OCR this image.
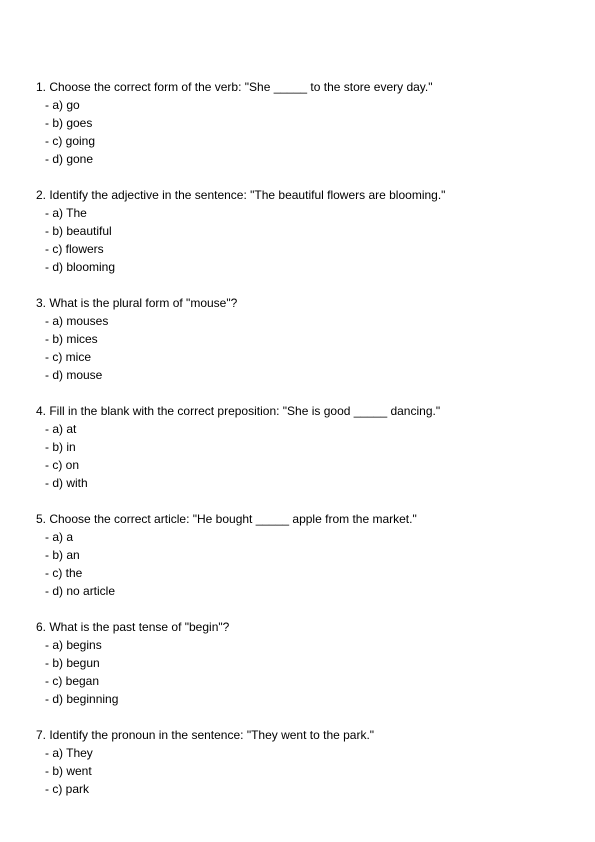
1. Choose the correct form of the verb: "She _____ to the store every day."
- a) go
- b) goes
- c) going
- d) gone
2. Identify the adjective in the sentence: "The beautiful flowers are blooming."
- a) The
- b) beautiful
- c) flowers
- d) blooming
3. What is the plural form of "mouse"?
- a) mouses
- b) mices
- c) mice
- d) mouse
4. Fill in the blank with the correct preposition: "She is good _____ dancing."
- a) at
- b) in
- c) on
- d) with
5. Choose the correct article: "He bought _____ apple from the market."
- a) a
- b) an
- c) the
- d) no article
6. What is the past tense of "begin"?
- a) begins
- b) begun
- c) began
- d) beginning
7. Identify the pronoun in the sentence: "They went to the park."
- a) They
- b) went
- c) park
